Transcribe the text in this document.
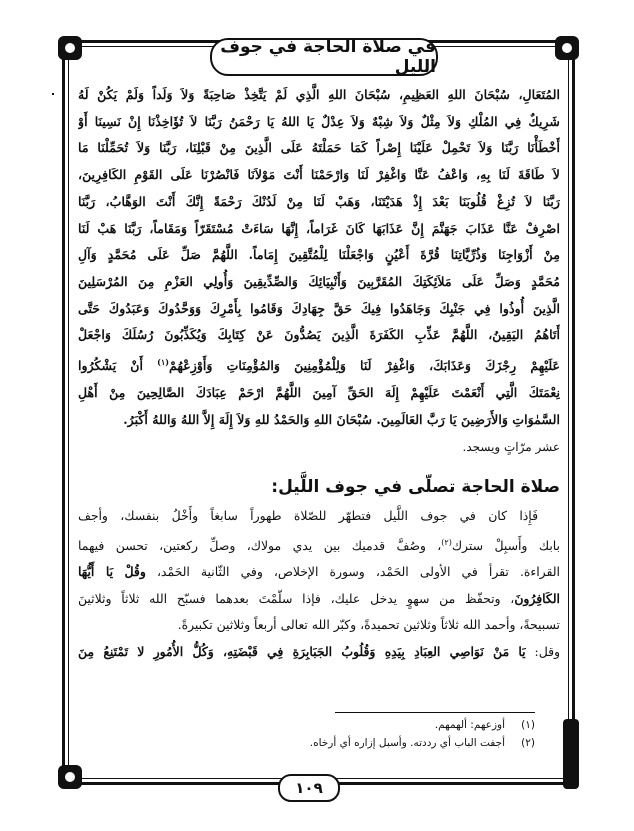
في صلاة الحاجة في جوف الليل

المُتَعَالِ، سُبْحَانَ اللهِ العَظِيمِ، سُبْحَانَ اللهِ الَّذِي لَمْ يَتَّخِذْ صَاحِبَةً وَلاَ وَلَداً وَلَمْ يَكُنْ لَهُ
شَرِيكٌ فِي المُلْكِ وَلاَ مِثْلٌ وَلاَ شِبْهٌ وَلاَ عِدْلٌ يَا اللهُ يَا رَحْمَنُ رَبَّنَا لاَ تُؤَاخِذْنَا إِنْ نَسِينَا أَوْ
أَخْطَأْنَا رَبَّنَا وَلاَ تَحْمِلْ عَلَيْنَا إِصْراً كَمَا حَمَلْتَهُ عَلَى الَّذِينَ مِنْ قَبْلِنَا، رَبَّنَا وَلاَ تُحَمِّلْنَا مَا
لاَ طَاقَةَ لَنَا بِهِ، وَاعْفُ عَنَّا وَاغْفِرْ لَنَا وَارْحَمْنَا أَنْتَ مَوْلاَنَا فَانْصُرْنَا عَلَى القَوْمِ الكَافِرِينَ،
رَبَّنَا لاَ تُزِغْ قُلُوبَنَا بَعْدَ إِذْ هَدَيْتَنَا، وَهَبْ لَنَا مِنْ لَدُنْكَ رَحْمَةً إِنَّكَ أَنْتَ الوَهَّابُ، رَبَّنَا
اصْرِفْ عَنَّا عَذَابَ جَهَنَّمَ إِنَّ عَذَابَهَا كَانَ غَرَاماً، إِنَّهَا سَاءَتْ مُسْتَقَرّاً وَمَقَاماً، رَبَّنَا هَبْ لَنَا
مِنْ أَزْوَاجِنَا وَذُرِّيَّاتِنَا قُرَّةَ أَعْيُنٍ وَاجْعَلْنَا لِلْمُتَّقِينَ إِمَاماً. اللَّهُمَّ صَلِّ عَلَى مُحَمَّدٍ وَآلِ
مُحَمَّدٍ وَصَلِّ عَلَى مَلاَئِكَتِكَ المُقَرَّبِينَ وَأَنْبِيَائِكَ وَالصِّدِّيقِينَ وَأُولِي العَزْمِ مِنَ المُرْسَلِينَ
الَّذِينَ أُوذُوا فِي جَنْبِكَ وَجَاهَدُوا فِيكَ حَقَّ جِهَادِكَ وَقَامُوا بِأَمْرِكَ وَوَحَّدُوكَ وَعَبَدُوكَ حَتَّى
أَتَاهُمُ اليَقِينُ، اللَّهُمَّ عَذِّبِ الكَفَرَةَ الَّذِينَ يَصُدُّونَ عَنْ كِتَابِكَ وَيُكَذِّبُونَ رُسُلَكَ وَاجْعَلْ
عَلَيْهِمْ رِجْزَكَ وَعَذَابَكَ، وَاغْفِرْ لَنَا وَلِلْمُؤْمِنِينَ وَالمُؤْمِنَاتِ وَأَوْزِعْهُمْ$^{(١)}$ أَنْ يَشْكُرُوا
نِعْمَتَكَ الَّتِي أَنْعَمْتَ عَلَيْهِمْ إِلَهَ الحَقِّ آمِينَ اللَّهُمَّ ارْحَمْ عِبَادَكَ الصَّالِحِينَ مِنْ أَهْلِ
السَّمٰوَاتِ وَالأَرَضِينَ يَا رَبَّ العَالَمِينَ. سُبْحَانَ اللهِ وَالحَمْدُ للهِ وَلاَ إِلَهَ إِلاَّ اللهُ وَاللهُ أَكْبَرُ.

عشر مرّاتٍ ويسجد.

صلاة الحاجة تصلّى في جوف اللَّيل:
فَإِذا كان في جوف اللَّيل فتطهّر للصّلاة طهوراً سابغاً وأَخْلُ بنفسك، وأجف
بابك وأَسبِلْ سترك$^{(٢)}$، وصُفَّ قدميك بين يدي مولاك، وصلِّ ركعتين، تحسن فيهما
القراءة. تقرأ في الأولى الحَمْد، وسورة الإخلاص، وفي الثّانية الحَمْد، وقُلْ يَا أَيُّهَا
الكَافِرُونَ، وتحفّظ من سهوٍ يدخل عليك، فإذا سلّمْتَ بعدهما فسبّح الله ثلاثاً وثلاثينَ
تسبيحةً، وأحمد الله ثلاثاً وثلاثين تحميدةً، وكبّر الله تعالى أربعاً وثلاثين تكبيرةً.
وقل: يَا مَنْ نَوَاصِي العِبَادِ بِيَدِهِ وَقُلُوبُ الجَبَابِرَةِ فِي قَبْضَتِهِ، وَكُلُّ الأُمُورِ لا تَمْتَنِعُ مِنَ
(١)
أوزعهم: ألهمهم.
(٢)
أجفت الباب أي رددته. وأسبل إزاره أي أرخاه.
١٠٩
